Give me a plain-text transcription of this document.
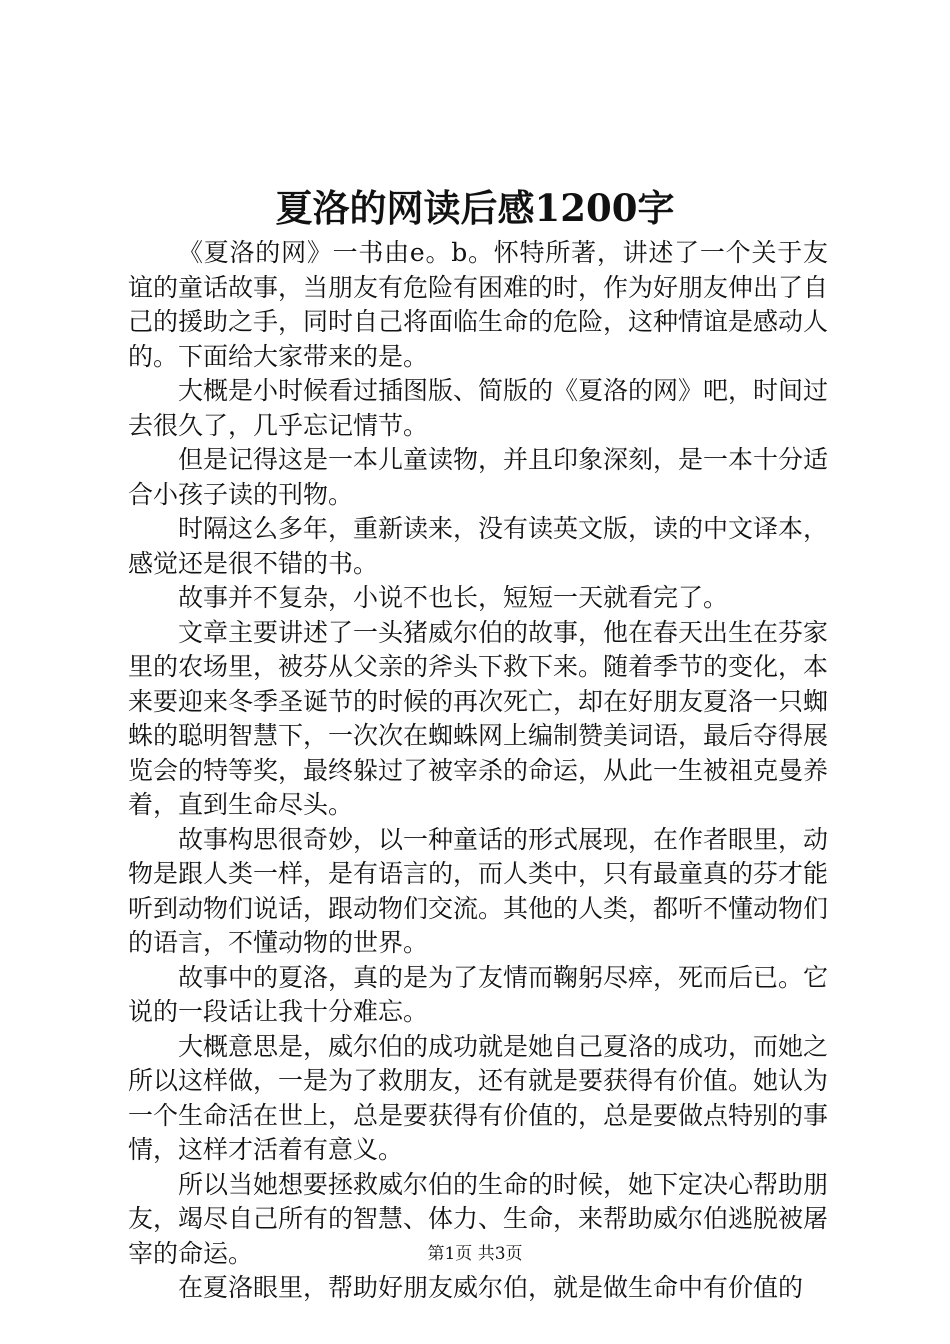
夏洛的网读后感1200字

《夏洛的网》一书由e。b。怀特所著，讲述了一个关于友谊的童话故事，当朋友有危险有困难的时，作为好朋友伸出了自己的援助之手，同时自己将面临生命的危险，这种情谊是感动人的。下面给大家带来的是。

大概是小时候看过插图版、简版的《夏洛的网》吧，时间过去很久了，几乎忘记情节。

但是记得这是一本儿童读物，并且印象深刻，是一本十分适合小孩子读的刊物。

时隔这么多年，重新读来，没有读英文版，读的中文译本，感觉还是很不错的书。

故事并不复杂，小说不也长，短短一天就看完了。

文章主要讲述了一头猪威尔伯的故事，他在春天出生在芬家里的农场里，被芬从父亲的斧头下救下来。随着季节的变化，本来要迎来冬季圣诞节的时候的再次死亡，却在好朋友夏洛一只蜘蛛的聪明智慧下，一次次在蜘蛛网上编制赞美词语，最后夺得展览会的特等奖，最终躲过了被宰杀的命运，从此一生被祖克曼养着，直到生命尽头。

故事构思很奇妙，以一种童话的形式展现，在作者眼里，动物是跟人类一样，是有语言的，而人类中，只有最童真的芬才能听到动物们说话，跟动物们交流。其他的人类，都听不懂动物们的语言，不懂动物的世界。

故事中的夏洛，真的是为了友情而鞠躬尽瘁，死而后已。它说的一段话让我十分难忘。

大概意思是，威尔伯的成功就是她自己夏洛的成功，而她之所以这样做，一是为了救朋友，还有就是要获得有价值。她认为一个生命活在世上，总是要获得有价值的，总是要做点特别的事情，这样才活着有意义。

所以当她想要拯救威尔伯的生命的时候，她下定决心帮助朋友，竭尽自己所有的智慧、体力、生命，来帮助威尔伯逃脱被屠宰的命运。

在夏洛眼里，帮助好朋友威尔伯，就是做生命中有价值的

第1页 共3页
